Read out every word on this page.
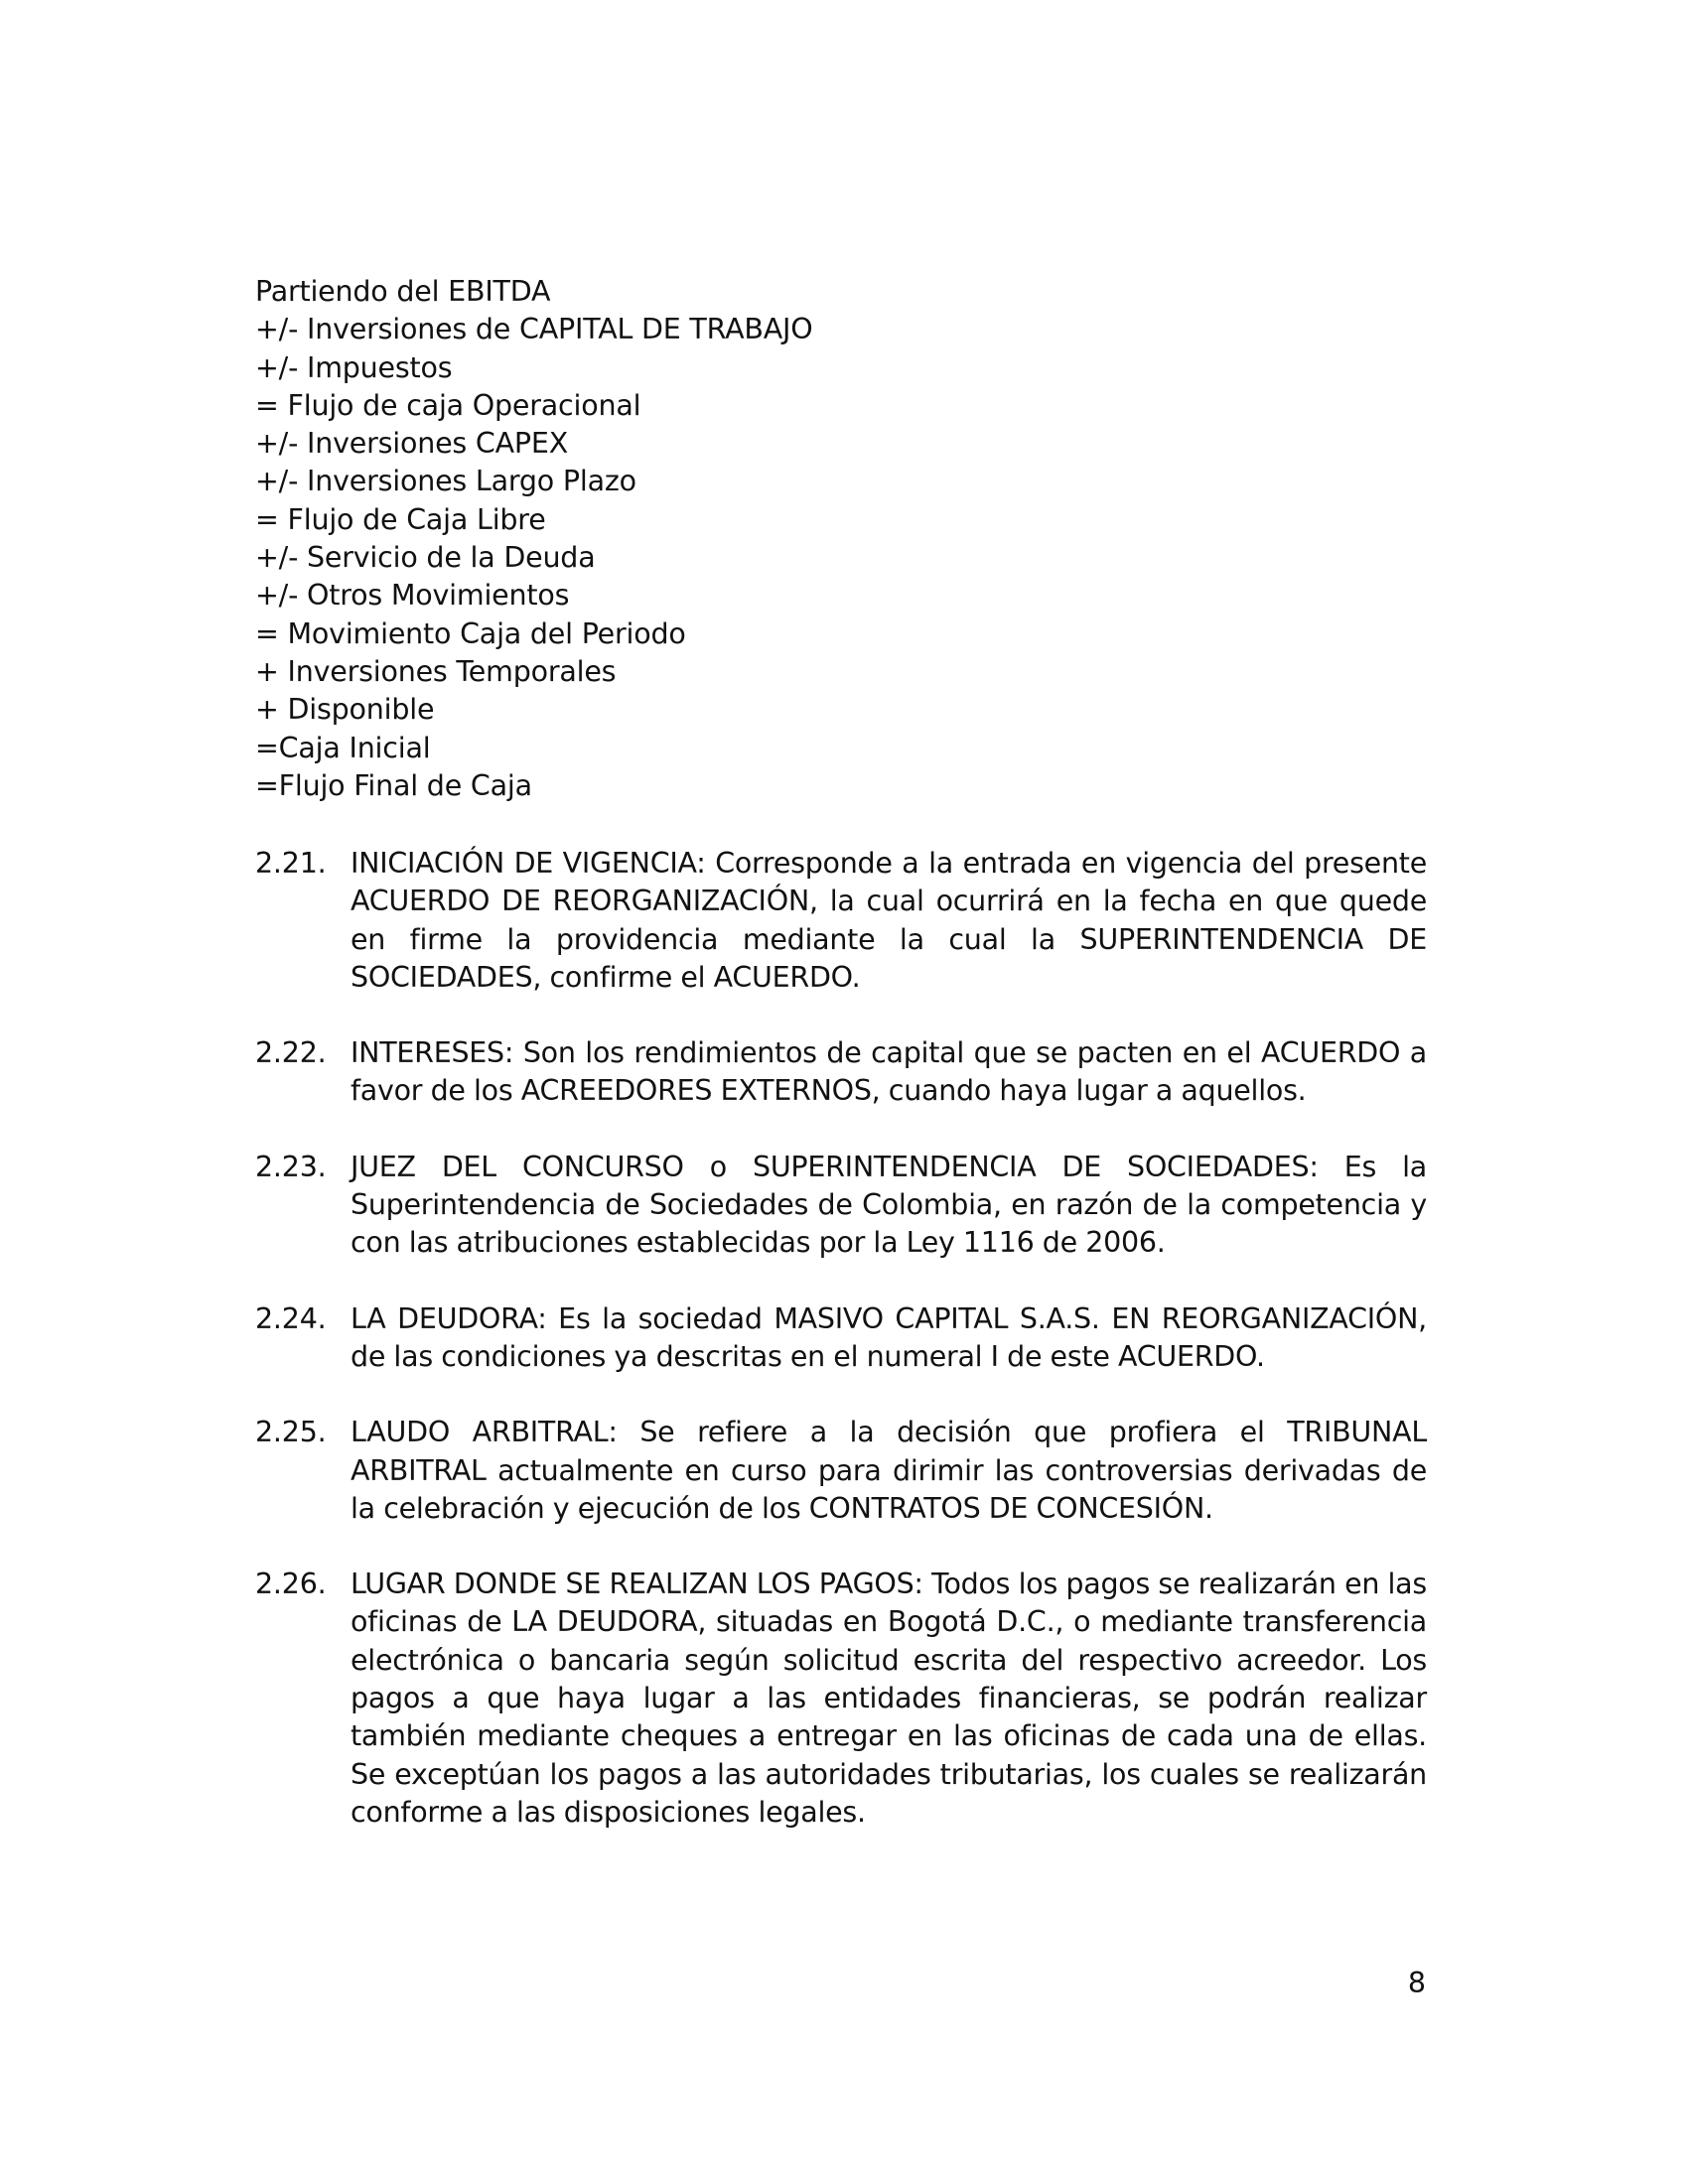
Partiendo del EBITDA
+/- Inversiones de CAPITAL DE TRABAJO
+/- Impuestos
= Flujo de caja Operacional
+/- Inversiones CAPEX
+/- Inversiones Largo Plazo
= Flujo de Caja Libre
+/- Servicio de la Deuda
+/- Otros Movimientos
= Movimiento Caja del Periodo
+ Inversiones Temporales
+ Disponible
=Caja Inicial
=Flujo Final de Caja
2.21. INICIACIÓN DE VIGENCIA: Corresponde a la entrada en vigencia del presente ACUERDO DE REORGANIZACIÓN, la cual ocurrirá en la fecha en que quede en firme la providencia mediante la cual la SUPERINTENDENCIA DE SOCIEDADES, confirme el ACUERDO.
2.22. INTERESES: Son los rendimientos de capital que se pacten en el ACUERDO a favor de los ACREEDORES EXTERNOS, cuando haya lugar a aquellos.
2.23. JUEZ DEL CONCURSO o SUPERINTENDENCIA DE SOCIEDADES: Es la Superintendencia de Sociedades de Colombia, en razón de la competencia y con las atribuciones establecidas por la Ley 1116 de 2006.
2.24. LA DEUDORA: Es la sociedad MASIVO CAPITAL S.A.S. EN REORGANIZACIÓN, de las condiciones ya descritas en el numeral I de este ACUERDO.
2.25. LAUDO ARBITRAL: Se refiere a la decisión que profiera el TRIBUNAL ARBITRAL actualmente en curso para dirimir las controversias derivadas de la celebración y ejecución de los CONTRATOS DE CONCESIÓN.
2.26. LUGAR DONDE SE REALIZAN LOS PAGOS: Todos los pagos se realizarán en las oficinas de LA DEUDORA, situadas en Bogotá D.C., o mediante transferencia electrónica o bancaria según solicitud escrita del respectivo acreedor. Los pagos a que haya lugar a las entidades financieras, se podrán realizar también mediante cheques a entregar en las oficinas de cada una de ellas. Se exceptúan los pagos a las autoridades tributarias, los cuales se realizarán conforme a las disposiciones legales.
8
